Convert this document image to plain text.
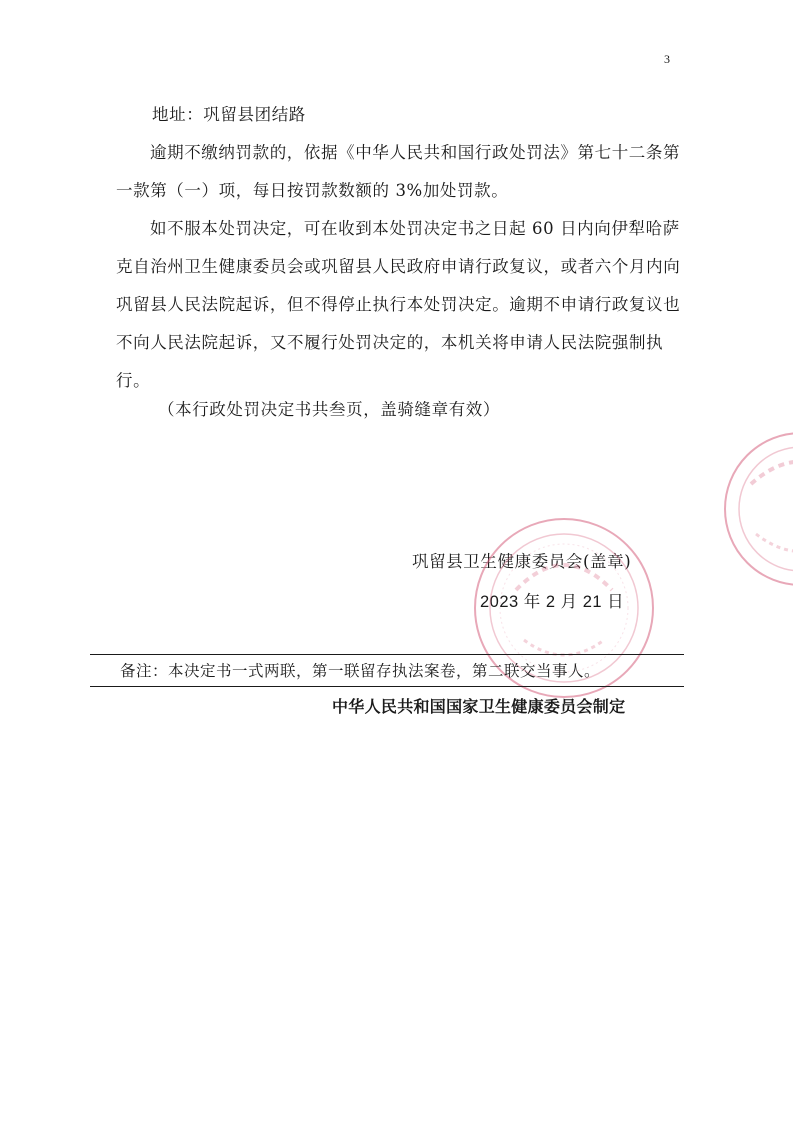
3

地址：巩留县团结路

逾期不缴纳罚款的，依据《中华人民共和国行政处罚法》第七十二条第一款第（一）项，每日按罚款数额的 3%加处罚款。

如不服本处罚决定，可在收到本处罚决定书之日起 60 日内向伊犁哈萨克自治州卫生健康委员会或巩留县人民政府申请行政复议，或者六个月内向巩留县人民法院起诉，但不得停止执行本处罚决定。逾期不申请行政复议也不向人民法院起诉，又不履行处罚决定的，本机关将申请人民法院强制执行。

（本行政处罚决定书共叁页，盖骑缝章有效）

巩留县卫生健康委员会(盖章)
2023 年 2 月 21 日
备注：本决定书一式两联，第一联留存执法案卷，第二联交当事人。
中华人民共和国国家卫生健康委员会制定
